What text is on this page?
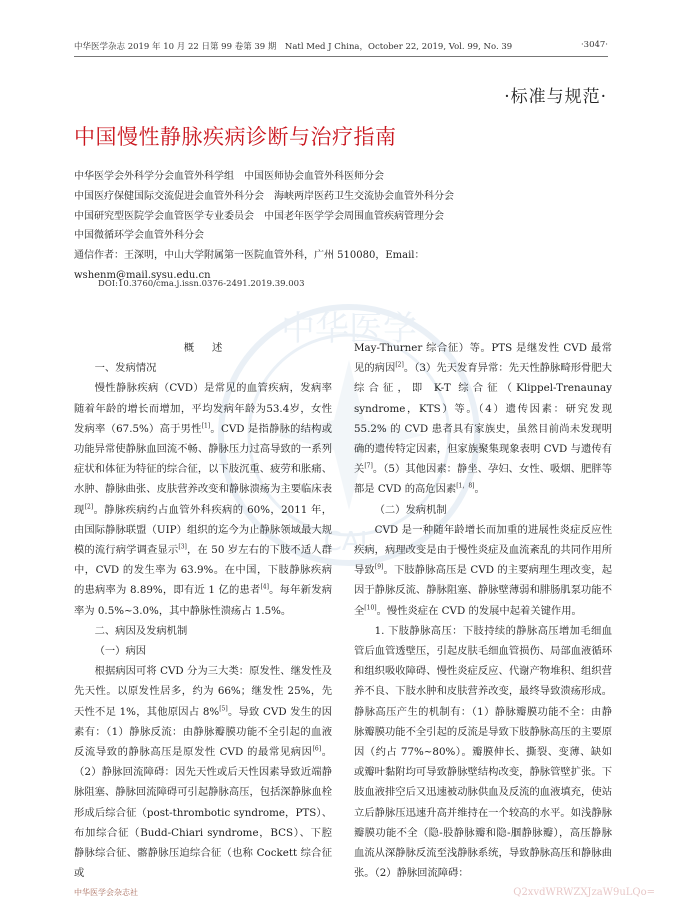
中华医学杂志 2019 年 10 月 22 日第 99 卷第 39 期　Natl Med J China，October 22, 2019, Vol. 99, No. 39	·3047·
·标准与规范·
中国慢性静脉疾病诊断与治疗指南
中华医学会外科学分会血管外科学组　中国医师协会血管外科医师分会
中国医疗保健国际交流促进会血管外科分会　海峡两岸医药卫生交流协会血管外科分会
中国研究型医院学会血管医学专业委员会　中国老年医学学会周围血管疾病管理分会
中国微循环学会血管外科分会
通信作者：王深明，中山大学附属第一医院血管外科，广州 510080，Email：
wshenm@mail.sysu.edu.cn
DOI:10.3760/cma.j.issn.0376-2491.2019.39.003
中华医学
CAL

概述

一、发病情况

慢性静脉疾病（CVD）是常见的血管疾病，发病率随着年龄的增长而增加，平均发病年龄为53.4岁，女性发病率（67.5%）高于男性[1]。CVD 是指静脉的结构或功能异常使静脉血回流不畅、静脉压力过高导致的一系列症状和体征为特征的综合征，以下肢沉重、疲劳和胀痛、水肿、静脉曲张、皮肤营养改变和静脉溃疡为主要临床表现[2]。静脉疾病约占血管外科疾病的 60%，2011 年，由国际静脉联盟（UIP）组织的迄今为止静脉领域最大规模的流行病学调查显示[3]，在 50 岁左右的下肢不适人群中，CVD 的发生率为 63.9%。在中国，下肢静脉疾病的患病率为 8.89%，即有近 1 亿的患者[4]。每年新发病率为 0.5%~3.0%，其中静脉性溃疡占 1.5%。

二、病因及发病机制

（一）病因

根据病因可将 CVD 分为三大类：原发性、继发性及先天性。以原发性居多，约为 66%；继发性 25%，先天性不足 1%，其他原因占 8%[5]。导致 CVD 发生的因素有：（1）静脉反流：由静脉瓣膜功能不全引起的血液反流导致的静脉高压是原发性 CVD 的最常见病因[6]。（2）静脉回流障碍：因先天性或后天性因素导致近端静脉阻塞、静脉回流障碍可引起静脉高压，包括深静脉血栓形成后综合征（post-thrombotic syndrome，PTS）、布加综合征（Budd-Chiari syndrome，BCS）、下腔静脉综合征、髂静脉压迫综合征（也称 Cockett 综合征或

May-Thurner 综合征）等。PTS 是继发性 CVD 最常见的病因[2]。（3）先天发育异常：先天性静脉畸形骨肥大综合征，即 K-T 综合征（Klippel-Trenaunay syndrome，KTS）等。（4）遗传因素：研究发现 55.2% 的 CVD 患者具有家族史，虽然目前尚未发现明确的遗传特定因素，但家族聚集现象表明 CVD 与遗传有关[7]。（5）其他因素：静坐、孕妇、女性、吸烟、肥胖等都是 CVD 的高危因素[1，8]。

（二）发病机制

CVD 是一种随年龄增长而加重的进展性炎症反应性疾病，病理改变是由于慢性炎症及血流紊乱的共同作用所导致[9]。下肢静脉高压是 CVD 的主要病理生理改变，起因于静脉反流、静脉阻塞、静脉壁薄弱和腓肠肌泵功能不全[10]。慢性炎症在 CVD 的发展中起着关键作用。

1. 下肢静脉高压：下肢持续的静脉高压增加毛细血管后血管透壁压，引起皮肤毛细血管损伤、局部血液循环和组织吸收障碍、慢性炎症反应、代谢产物堆积、组织营养不良、下肢水肿和皮肤营养改变，最终导致溃疡形成。静脉高压产生的机制有：（1）静脉瓣膜功能不全：由静脉瓣膜功能不全引起的反流是导致下肢静脉高压的主要原因（约占 77%~80%）。瓣膜伸长、撕裂、变薄、缺如或瓣叶黏附均可导致静脉壁结构改变，静脉管壁扩张。下肢血液排空后又迅速被动脉供血及反流的血液填充，使站立后静脉压迅速升高并维持在一个较高的水平。如浅静脉瓣膜功能不全（隐-股静脉瓣和隐-腘静脉瓣），高压静脉血流从深静脉反流至浅静脉系统，导致静脉高压和静脉曲张。（2）静脉回流障碍：

中华医学会杂志社	Q2xvdWRWZXJzaW9uLQo=
